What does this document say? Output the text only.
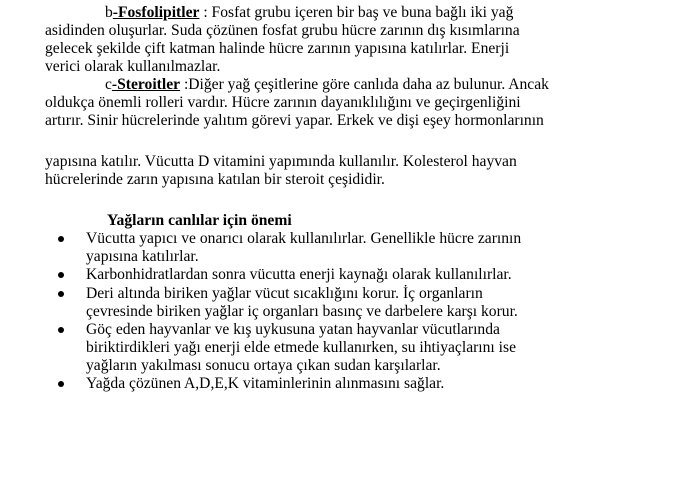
b-Fosfolipitler : Fosfat grubu içeren bir baş ve buna bağlı iki yağ
asidinden oluşurlar. Suda çözünen fosfat grubu hücre zarının dış kısımlarına
gelecek şekilde çift katman halinde hücre zarının yapısına katılırlar. Enerji
verici olarak kullanılmazlar.
c-Steroitler :Diğer yağ çeşitlerine göre canlıda daha az bulunur. Ancak
oldukça önemli rolleri vardır. Hücre zarının dayanıklılığını ve geçirgenliğini
artırır. Sinir hücrelerinde yalıtım görevi yapar. Erkek ve dişi eşey hormonlarının
yapısına katılır. Vücutta D vitamini yapımında kullanılır. Kolesterol hayvan
hücrelerinde zarın yapısına katılan bir steroit çeşididir.
Yağların canlılar için önemi
Vücutta yapıcı ve onarıcı olarak kullanılırlar. Genellikle hücre zarının
yapısına katılırlar.
Karbonhidratlardan sonra vücutta enerji kaynağı olarak kullanılırlar.
Deri altında biriken yağlar vücut sıcaklığını korur. İç organların
çevresinde biriken yağlar iç organları basınç ve darbelere karşı korur.
Göç eden hayvanlar ve kış uykusuna yatan hayvanlar vücutlarında
biriktirdikleri yağı enerji elde etmede kullanırken, su ihtiyaçlarını ise
yağların yakılması sonucu ortaya çıkan sudan karşılarlar.
Yağda çözünen A,D,E,K vitaminlerinin alınmasını sağlar.
